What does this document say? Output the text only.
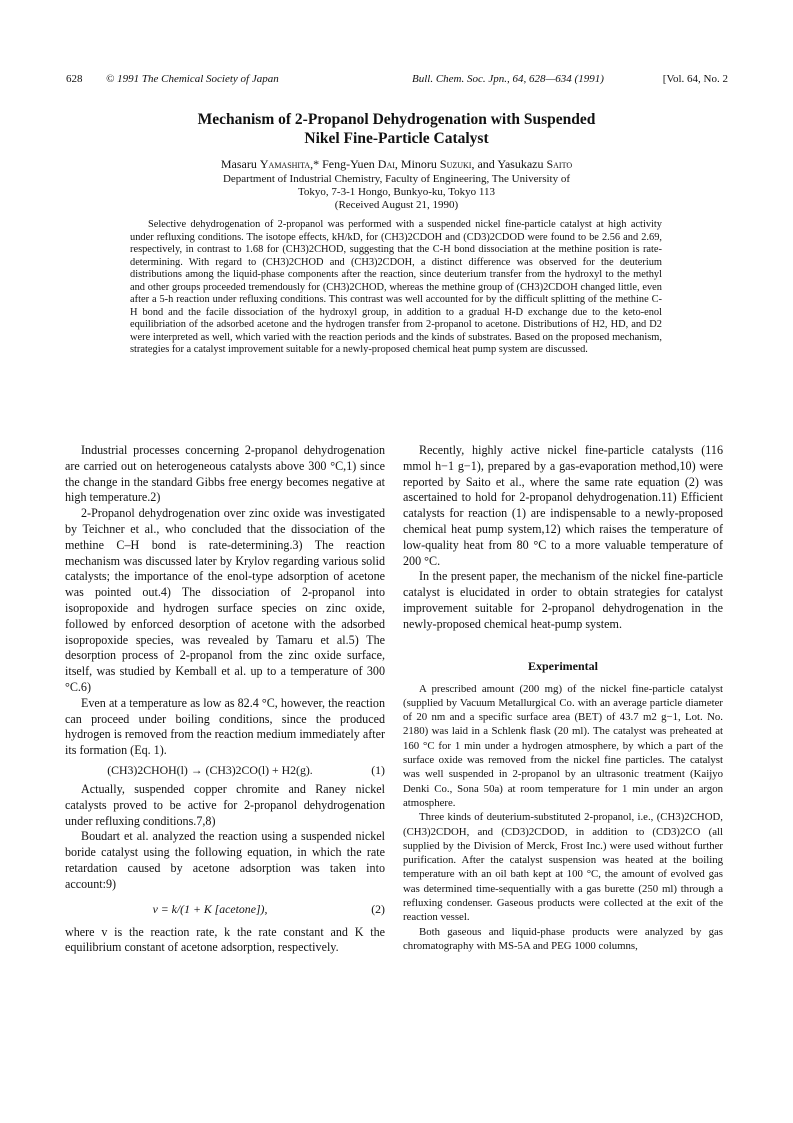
628 © 1991 The Chemical Society of Japan	Bull. Chem. Soc. Jpn., 64, 628—634 (1991)	[Vol. 64, No. 2
Mechanism of 2-Propanol Dehydrogenation with Suspended
Nikel Fine-Particle Catalyst
Masaru Yamashita,* Feng-Yuen Dai, Minoru Suzuki, and Yasukazu Saito
Department of Industrial Chemistry, Faculty of Engineering, The University of
Tokyo, 7-3-1 Hongo, Bunkyo-ku, Tokyo 113
(Received August 21, 1990)

Selective dehydrogenation of 2-propanol was performed with a suspended nickel fine-particle catalyst at high activity under refluxing conditions. The isotope effects, kH/kD, for (CH3)2CDOH and (CD3)2CDOD were found to be 2.56 and 2.69, respectively, in contrast to 1.68 for (CH3)2CHOD, suggesting that the C-H bond dissociation at the methine position is rate-determining. With regard to (CH3)2CHOD and (CH3)2CDOH, a distinct difference was observed for the deuterium distributions among the liquid-phase components after the reaction, since deuterium transfer from the hydroxyl to the methyl and other groups proceeded tremendously for (CH3)2CHOD, whereas the methine group of (CH3)2CDOH changed little, even after a 5-h reaction under refluxing conditions. This contrast was well accounted for by the difficult splitting of the methine C-H bond and the facile dissociation of the hydroxyl group, in addition to a gradual H-D exchange due to the keto-enol equilibriation of the adsorbed acetone and the hydrogen transfer from 2-propanol to acetone. Distributions of H2, HD, and D2 were interpreted as well, which varied with the reaction periods and the kinds of substrates. Based on the proposed mechanism, strategies for a catalyst improvement suitable for a newly-proposed chemical heat pump system are discussed.

Industrial processes concerning 2-propanol dehydrogenation are carried out on heterogeneous catalysts above 300 °C,1) since the change in the standard Gibbs free energy becomes negative at high temperature.2)

2-Propanol dehydrogenation over zinc oxide was investigated by Teichner et al., who concluded that the dissociation of the methine C–H bond is rate-determining.3) The reaction mechanism was discussed later by Krylov regarding various solid catalysts; the importance of the enol-type adsorption of acetone was pointed out.4) The dissociation of 2-propanol into isopropoxide and hydrogen surface species on zinc oxide, followed by enforced desorption of acetone with the adsorbed isopropoxide species, was revealed by Tamaru et al.5) The desorption process of 2-propanol from the zinc oxide surface, itself, was studied by Kemball et al. up to a temperature of 300 °C.6)

Even at a temperature as low as 82.4 °C, however, the reaction can proceed under boiling conditions, since the produced hydrogen is removed from the reaction medium immediately after its formation (Eq. 1).

(CH3)2CHOH(l) → (CH3)2CO(l) + H2(g).	(1)

Actually, suspended copper chromite and Raney nickel catalysts proved to be active for 2-propanol dehydrogenation under refluxing conditions.7,8)

Boudart et al. analyzed the reaction using a suspended nickel boride catalyst using the following equation, in which the rate retardation caused by acetone adsorption was taken into account:9)

v = k/(1 + K [acetone]),	(2)

where v is the reaction rate, k the rate constant and K the equilibrium constant of acetone adsorption, respectively.

Recently, highly active nickel fine-particle catalysts (116 mmol h−1 g−1), prepared by a gas-evaporation method,10) were reported by Saito et al., where the same rate equation (2) was ascertained to hold for 2-propanol dehydrogenation.11) Efficient catalysts for reaction (1) are indispensable to a newly-proposed chemical heat pump system,12) which raises the temperature of low-quality heat from 80 °C to a more valuable temperature of 200 °C.

In the present paper, the mechanism of the nickel fine-particle catalyst is elucidated in order to obtain strategies for catalyst improvement suitable for 2-propanol dehydrogenation in the newly-proposed chemical heat-pump system.

Experimental

A prescribed amount (200 mg) of the nickel fine-particle catalyst (supplied by Vacuum Metallurgical Co. with an average particle diameter of 20 nm and a specific surface area (BET) of 43.7 m2 g−1, Lot. No. 2180) was laid in a Schlenk flask (20 ml). The catalyst was preheated at 160 °C for 1 min under a hydrogen atmosphere, by which a part of the surface oxide was removed from the nickel fine particles. The catalyst was well suspended in 2-propanol by an ultrasonic treatment (Kaijyo Denki Co., Sona 50a) at room temperature for 1 min under an argon atmosphere.

Three kinds of deuterium-substituted 2-propanol, i.e., (CH3)2CHOD, (CH3)2CDOH, and (CD3)2CDOD, in addition to (CD3)2CO (all supplied by the Division of Merck, Frost Inc.) were used without further purification. After the catalyst suspension was heated at the boiling temperature with an oil bath kept at 100 °C, the amount of evolved gas was determined time-sequentially with a gas burette (250 ml) through a refluxing condenser. Gaseous products were collected at the exit of the reaction vessel.

Both gaseous and liquid-phase products were analyzed by gas chromatography with MS-5A and PEG 1000 columns,
